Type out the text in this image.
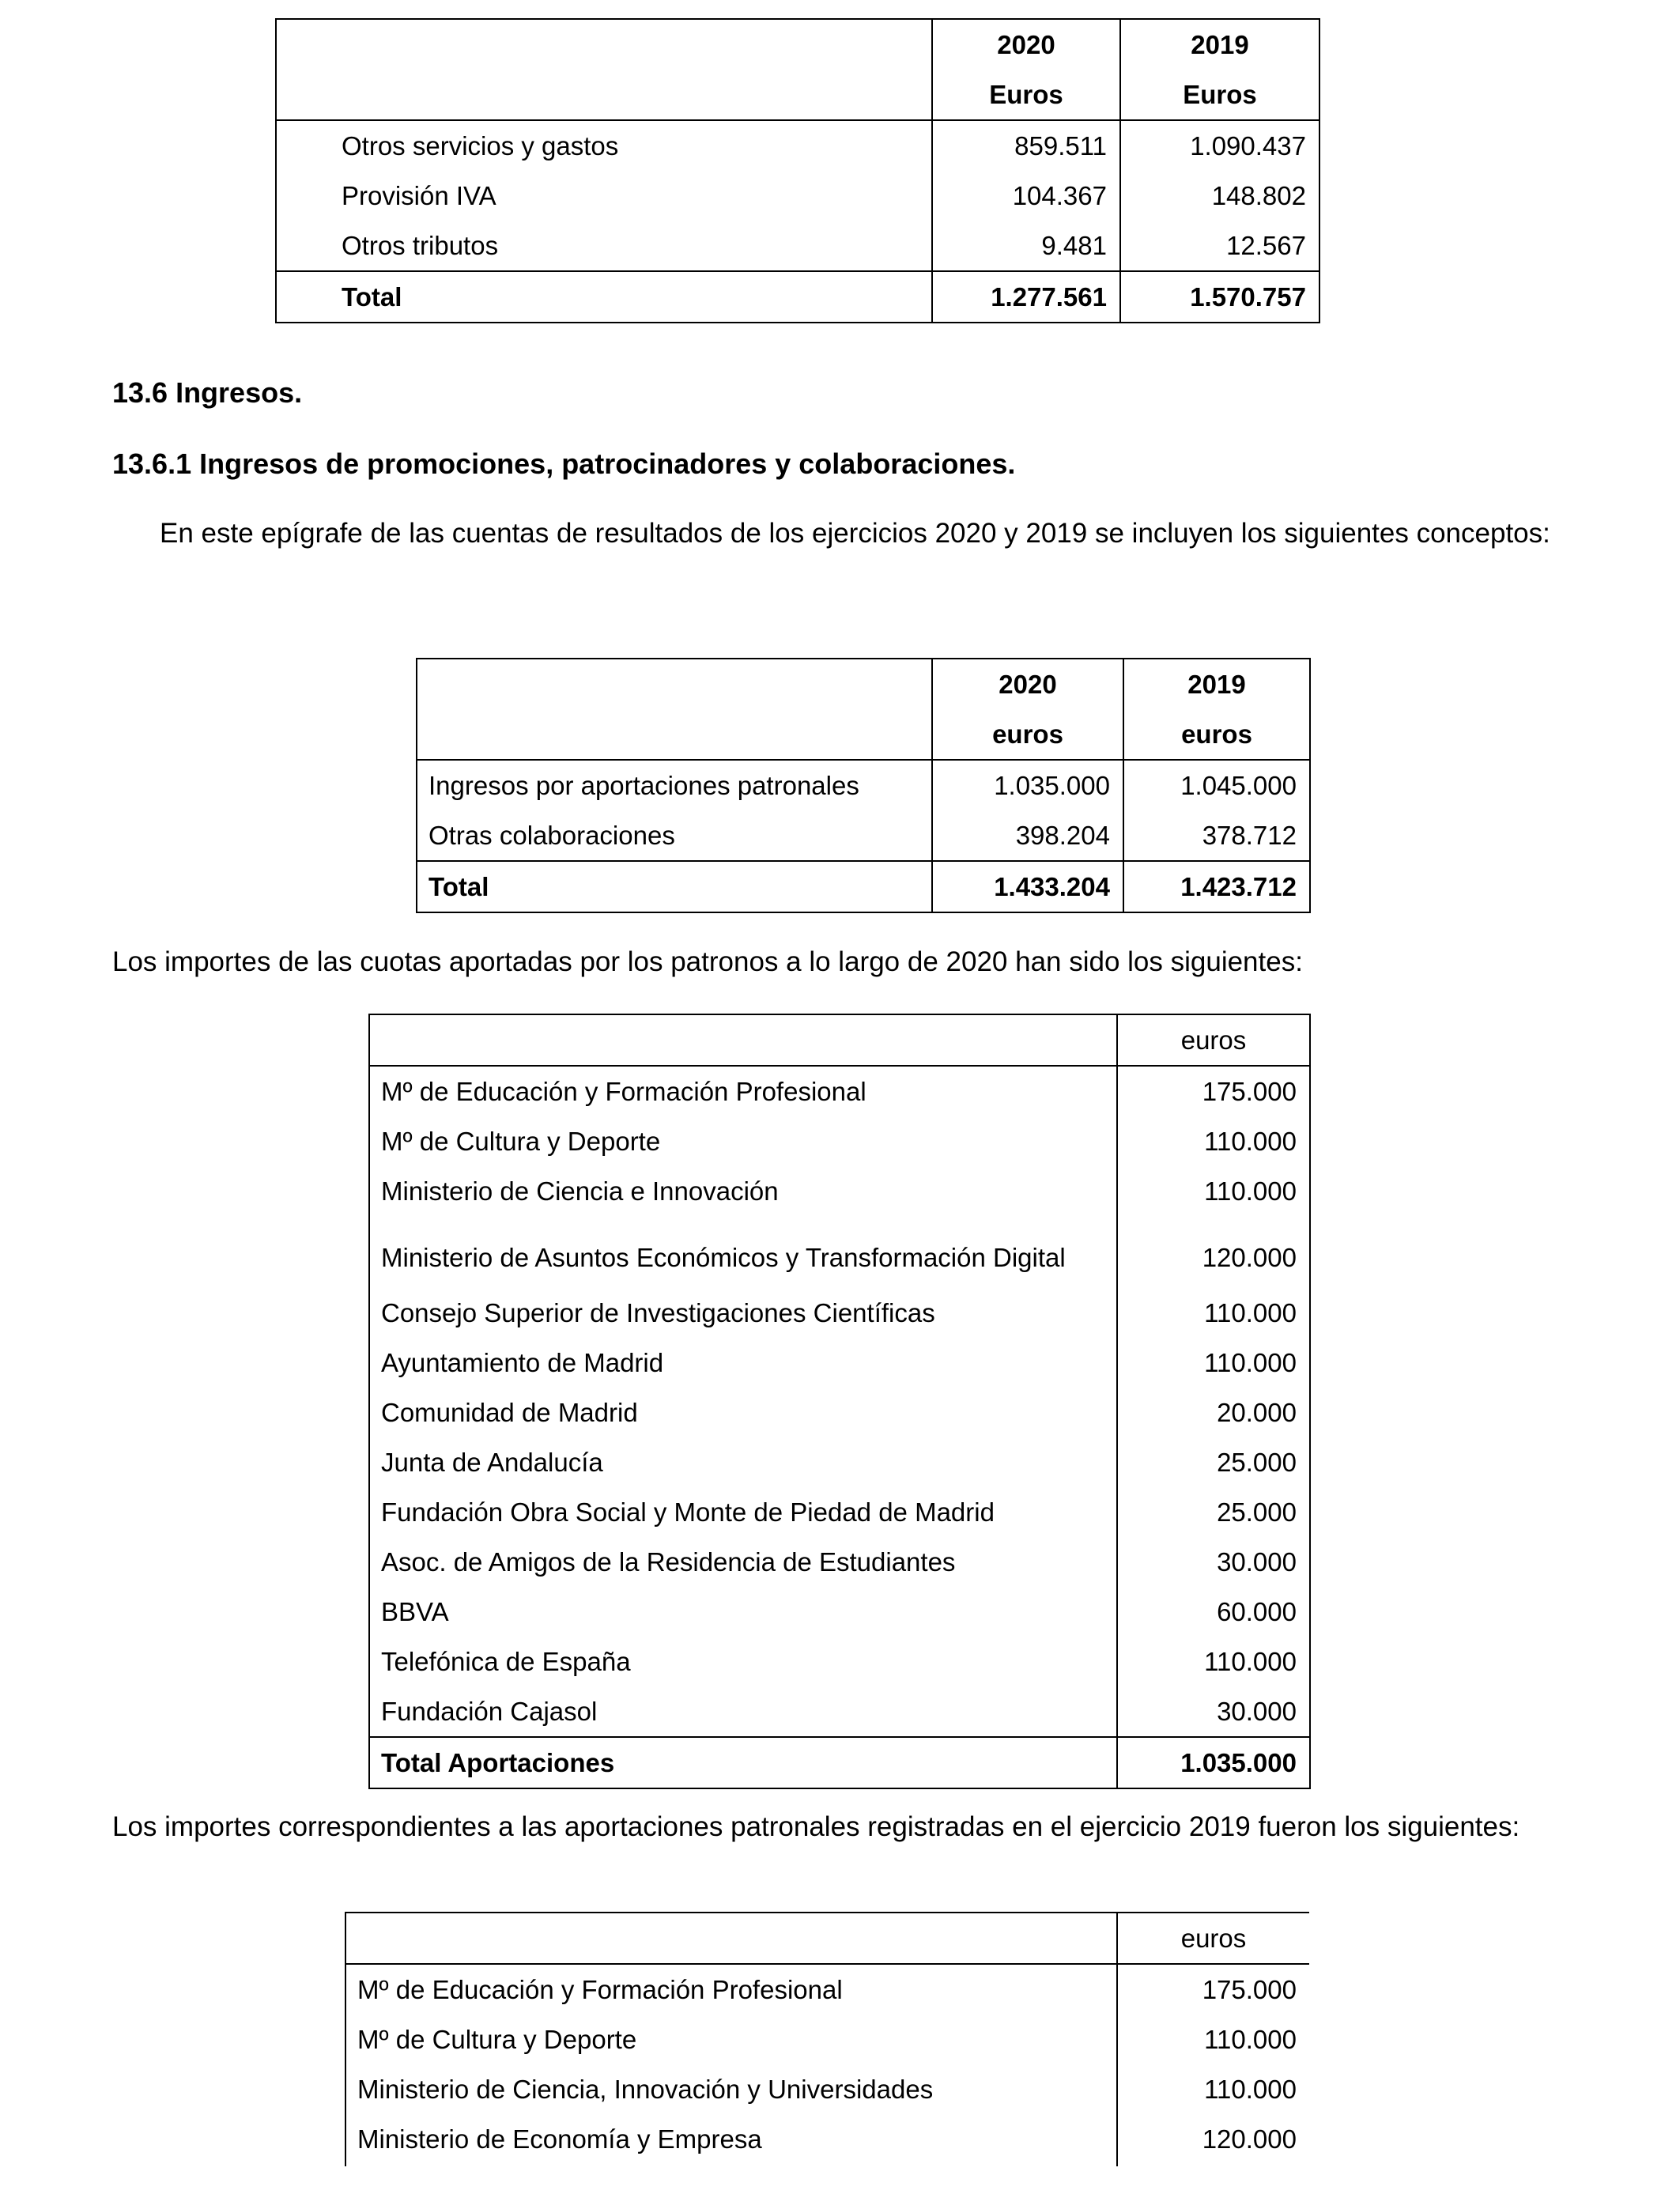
	2020	2019
	Euros	Euros
Otros servicios y gastos	859.511	1.090.437
Provisión IVA	104.367	148.802
Otros tributos	9.481	12.567
Total	1.277.561	1.570.757
13.6 Ingresos.
13.6.1 Ingresos de promociones, patrocinadores y colaboraciones.
En este epígrafe de las cuentas de resultados de los ejercicios 2020 y 2019 se incluyen los siguientes conceptos:
	2020	2019
	euros	euros
Ingresos por aportaciones patronales	1.035.000	1.045.000
Otras colaboraciones	398.204	378.712
Total	1.433.204	1.423.712
Los importes de las cuotas aportadas por los patronos a lo largo de 2020 han sido los siguientes:
	euros
Mº de Educación y Formación Profesional	175.000
Mº de Cultura y Deporte	110.000
Ministerio de Ciencia e Innovación	110.000
Ministerio de Asuntos Económicos y Transformación Digital	120.000
Consejo Superior de Investigaciones Científicas	110.000
Ayuntamiento de Madrid	110.000
Comunidad de Madrid	20.000
Junta de Andalucía	25.000
Fundación Obra Social y Monte de Piedad de Madrid	25.000
Asoc. de Amigos de la Residencia de Estudiantes	30.000
BBVA	60.000
Telefónica de España	110.000
Fundación Cajasol	30.000
Total Aportaciones	1.035.000
Los importes correspondientes a las aportaciones patronales registradas en el ejercicio 2019 fueron los siguientes:
	euros
Mº de Educación y Formación Profesional	175.000
Mº de Cultura y Deporte	110.000
Ministerio de Ciencia, Innovación y Universidades	110.000
Ministerio de Economía y Empresa	120.000
